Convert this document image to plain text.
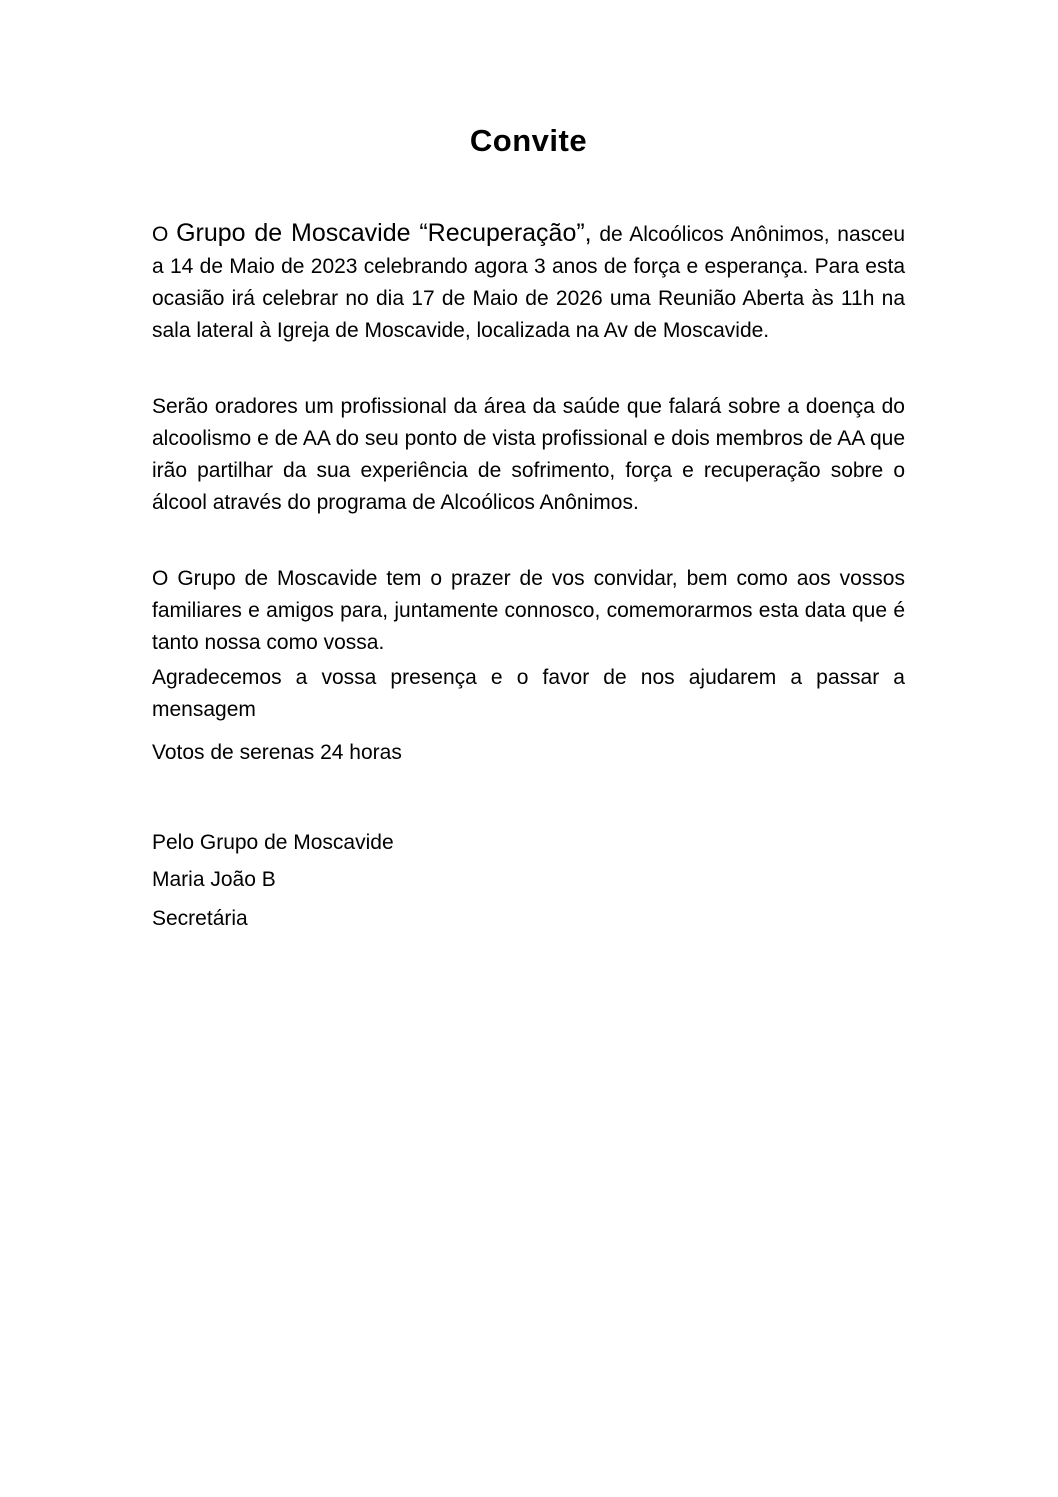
Convite

O Grupo de Moscavide “Recuperação”, de Alcoólicos Anônimos, nasceu a 14 de Maio de 2023 celebrando agora 3 anos de força e esperança. Para esta ocasião irá celebrar no dia 17 de Maio de 2026 uma Reunião Aberta às 11h na sala lateral à Igreja de Moscavide, localizada na Av de Moscavide.

Serão oradores um profissional da área da saúde que falará sobre a doença do alcoolismo e de AA do seu ponto de vista profissional e dois membros de AA que irão partilhar da sua experiência de sofrimento, força e recuperação sobre o álcool através do programa de Alcoólicos Anônimos.

O Grupo de Moscavide tem o prazer de vos convidar, bem como aos vossos familiares e amigos para, juntamente connosco, comemorarmos esta data que é tanto nossa como vossa.

Agradecemos a vossa presença e o favor de nos ajudarem a passar a mensagem

Votos de serenas 24 horas

Pelo Grupo de Moscavide

Maria João B

Secretária
